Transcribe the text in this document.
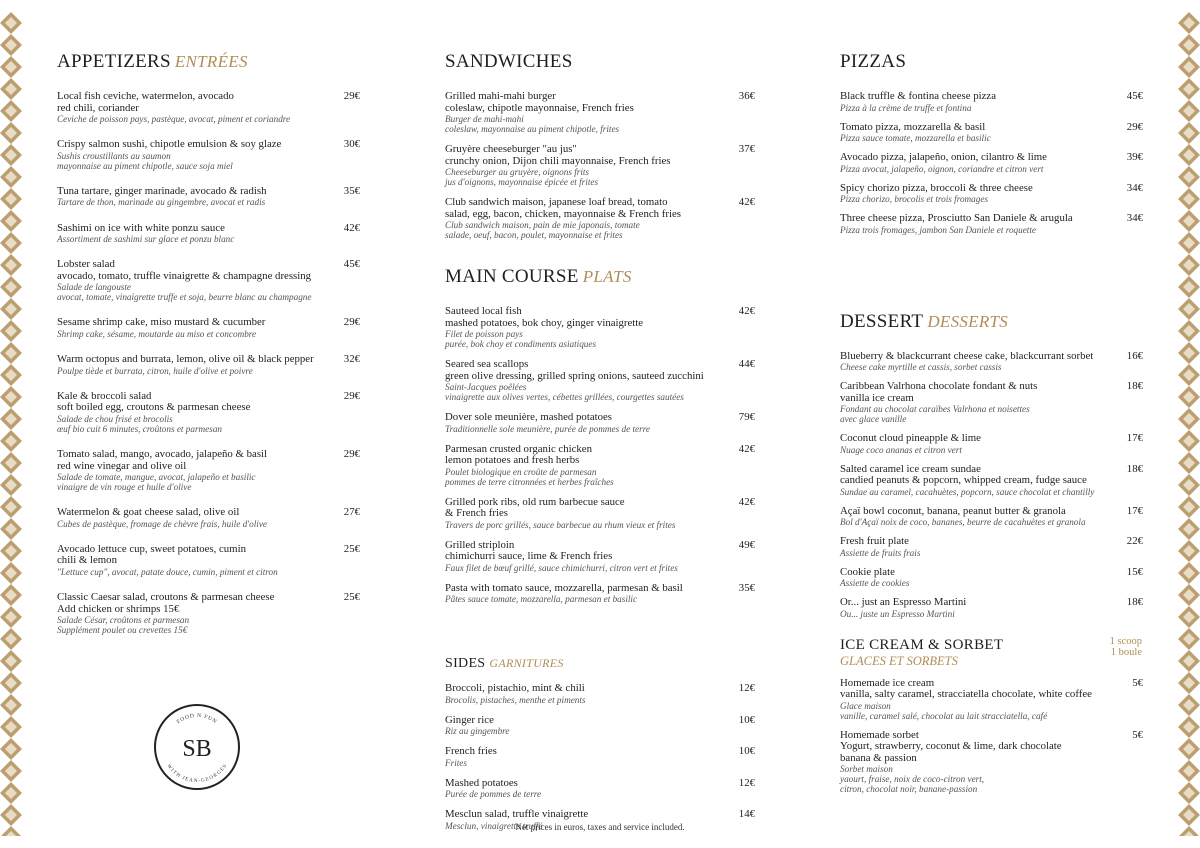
APPETIZERS ENTRÉES
Local fish ceviche, watermelon, avocado
red chili, coriander
Ceviche de poisson pays, pastèque, avocat, piment et coriandre
29€
Crispy salmon sushi, chipotle emulsion & soy glaze
Sushis croustillants au saumon
mayonnaise au piment chipotle, sauce soja miel
30€
Tuna tartare, ginger marinade, avocado & radish
Tartare de thon, marinade au gingembre, avocat et radis
35€
Sashimi on ice with white ponzu sauce
Assortiment de sashimi sur glace et ponzu blanc
42€
Lobster salad
avocado, tomato, truffle vinaigrette & champagne dressing
Salade de langouste
avocat, tomate, vinaigrette truffe et soja, beurre blanc au champagne
45€
Sesame shrimp cake, miso mustard & cucumber
Shrimp cake, sésame, moutarde au miso et concombre
29€
Warm octopus and burrata, lemon, olive oil & black pepper
Poulpe tiède et burrata, citron, huile d'olive et poivre
32€
Kale & broccoli salad
soft boiled egg, croutons & parmesan cheese
Salade de chou frisé et brocolis
œuf bio cuit 6 minutes, croûtons et parmesan
29€
Tomato salad, mango, avocado, jalapeño & basil
red wine vinegar and olive oil
Salade de tomate, mangue, avocat, jalapeño et basilic
vinaigre de vin rouge et huile d'olive
29€
Watermelon & goat cheese salad, olive oil
Cubes de pastèque, fromage de chèvre frais, huile d'olive
27€
Avocado lettuce cup, sweet potatoes, cumin
chili & lemon
"Lettuce cup", avocat, patate douce, cumin, piment et citron
25€
Classic Caesar salad, croutons & parmesan cheese
Add chicken or shrimps 15€
Salade César, croûtons et parmesan
Supplément poulet ou crevettes 15€
25€
FOOD N FUN
WITH JEAN-GEORGES
SB
SANDWICHES
Grilled mahi-mahi burger
coleslaw, chipotle mayonnaise, French fries
Burger de mahi-mahi
coleslaw, mayonnaise au piment chipotle, frites
36€
Gruyère cheeseburger "au jus"
crunchy onion, Dijon chili mayonnaise, French fries
Cheeseburger au gruyère, oignons frits
jus d'oignons, mayonnaise épicée et frites
37€
Club sandwich maison, japanese loaf bread, tomato
salad, egg, bacon, chicken, mayonnaise & French fries
Club sandwich maison, pain de mie japonais, tomate
salade, oeuf, bacon, poulet, mayonnaise et frites
42€
MAIN COURSE PLATS
Sauteed local fish
mashed potatoes, bok choy, ginger vinaigrette
Filet de poisson pays
purée, bok choy et condiments asiatiques
42€
Seared sea scallops
green olive dressing, grilled spring onions, sauteed zucchini
Saint-Jacques poêlées
vinaigrette aux olives vertes, cébettes grillées, courgettes sautées
44€
Dover sole meunière, mashed potatoes
Traditionnelle sole meunière, purée de pommes de terre
79€
Parmesan crusted organic chicken
lemon potatoes and fresh herbs
Poulet biologique en croûte de parmesan
pommes de terre citronnées et herbes fraîches
42€
Grilled pork ribs, old rum barbecue sauce
& French fries
Travers de porc grillés, sauce barbecue au rhum vieux et frites
42€
Grilled striploin
chimichurri sauce, lime & French fries
Faux filet de bœuf grillé, sauce chimichurri, citron vert et frites
49€
Pasta with tomato sauce, mozzarella, parmesan & basil
Pâtes sauce tomate, mozzarella, parmesan et basilic
35€
SIDES GARNITURES
Broccoli, pistachio, mint & chili
Brocolis, pistaches, menthe et piments
12€
Ginger rice
Riz au gingembre
10€
French fries
Frites
10€
Mashed potatoes
Purée de pommes de terre
12€
Mesclun salad, truffle vinaigrette
Mesclun, vinaigrette truffé
14€
PIZZAS
Black truffle & fontina cheese pizza
Pizza à la crème de truffe et fontina
45€
Tomato pizza, mozzarella & basil
Pizza sauce tomate, mozzarella et basilic
29€
Avocado pizza, jalapeño, onion, cilantro & lime
Pizza avocat, jalapeño, oignon, coriandre et citron vert
39€
Spicy chorizo pizza, broccoli & three cheese
Pizza chorizo, brocolis et trois fromages
34€
Three cheese pizza, Prosciutto San Daniele & arugula
Pizza trois fromages, jambon San Daniele et roquette
34€
DESSERT DESSERTS
Blueberry & blackcurrant cheese cake, blackcurrant sorbet
Cheese cake myrtille et cassis, sorbet cassis
16€
Caribbean Valrhona chocolate fondant & nuts
vanilla ice cream
Fondant au chocolat caraïbes Valrhona et noisettes
avec glace vanille
18€
Coconut cloud pineapple & lime
Nuage coco ananas et citron vert
17€
Salted caramel ice cream sundae
candied peanuts & popcorn, whipped cream, fudge sauce
Sundae au caramel, cacahuètes, popcorn, sauce chocolat et chantilly
18€
Açaï bowl coconut, banana, peanut butter & granola
Bol d'Açaï noix de coco, bananes, beurre de cacahuètes et granola
17€
Fresh fruit plate
Assiette de fruits frais
22€
Cookie plate
Assiette de cookies
15€
Or... just an Espresso Martini
Ou... juste un Espresso Martini
18€
ICE CREAM & SORBET
GLACES ET SORBETS
1 scoop
1 boule
Homemade ice cream
vanilla, salty caramel, stracciatella chocolate, white coffee
Glace maison
vanille, caramel salé, chocolat au lait stracciatella, café
5€
Homemade sorbet
Yogurt, strawberry, coconut & lime, dark chocolate
banana & passion
Sorbet maison
yaourt, fraise, noix de coco-citron vert,
citron, chocolat noir, banane-passion
5€
Net prices in euros, taxes and service included.
